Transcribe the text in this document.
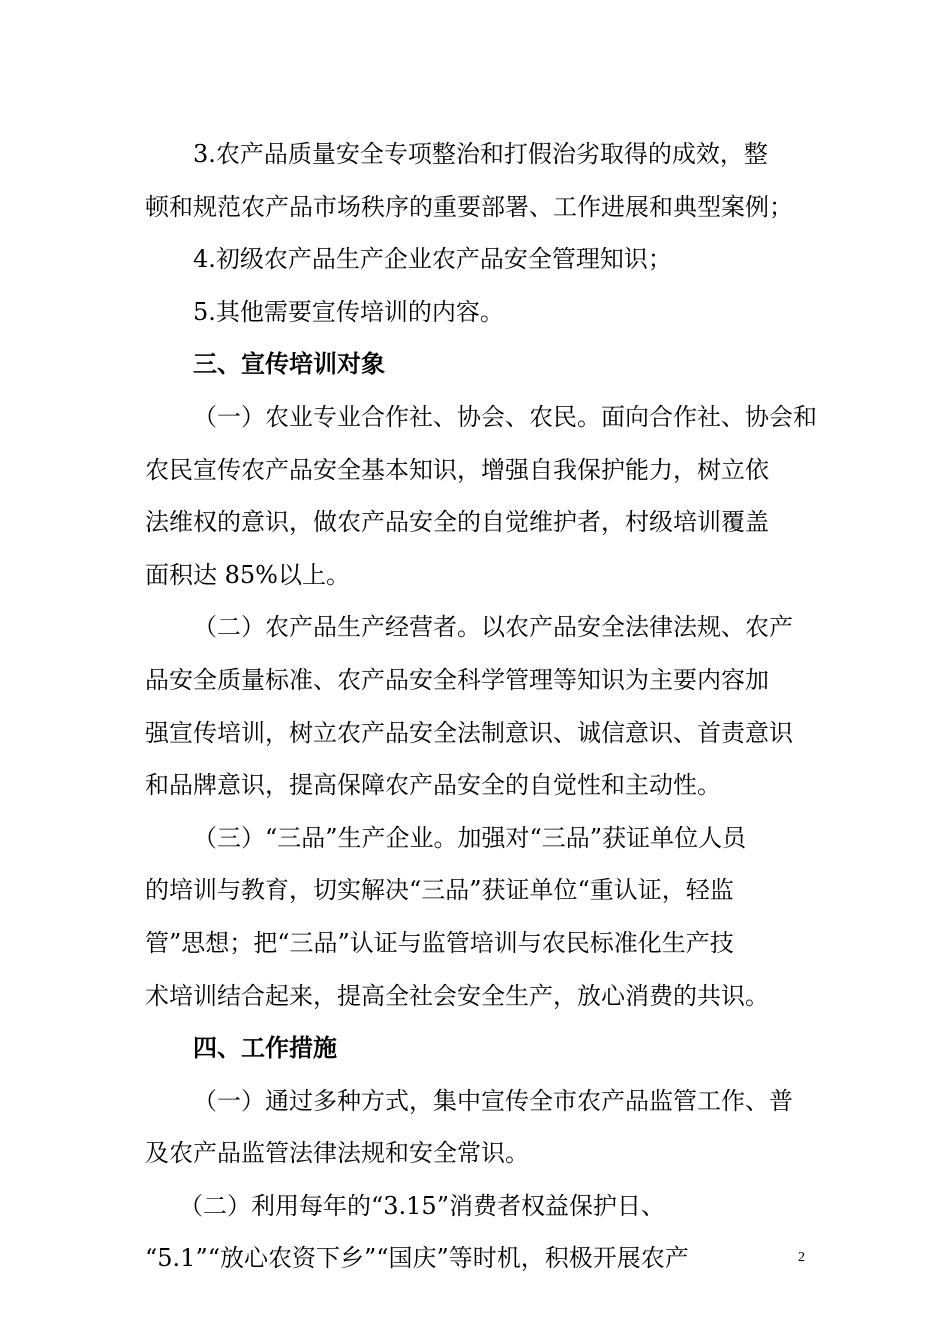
3.农产品质量安全专项整治和打假治劣取得的成效，整
顿和规范农产品市场秩序的重要部署、工作进展和典型案例；
4.初级农产品生产企业农产品安全管理知识；
5.其他需要宣传培训的内容。
三、宣传培训对象
（一）农业专业合作社、协会、农民。面向合作社、协会和
农民宣传农产品安全基本知识，增强自我保护能力，树立依
法维权的意识，做农产品安全的自觉维护者，村级培训覆盖
面积达 85%以上。
（二）农产品生产经营者。以农产品安全法律法规、农产
品安全质量标准、农产品安全科学管理等知识为主要内容加
强宣传培训，树立农产品安全法制意识、诚信意识、首责意识
和品牌意识，提高保障农产品安全的自觉性和主动性。
（三）“三品”生产企业。加强对“三品”获证单位人员
的培训与教育，切实解决“三品”获证单位“重认证，轻监
管”思想；把“三品”认证与监管培训与农民标准化生产技
术培训结合起来，提高全社会安全生产，放心消费的共识。
四、工作措施
（一）通过多种方式，集中宣传全市农产品监管工作、普
及农产品监管法律法规和安全常识。
（二）利用每年的“3.15”消费者权益保护日、
“5.1”“放心农资下乡”“国庆”等时机，积极开展农产	2
